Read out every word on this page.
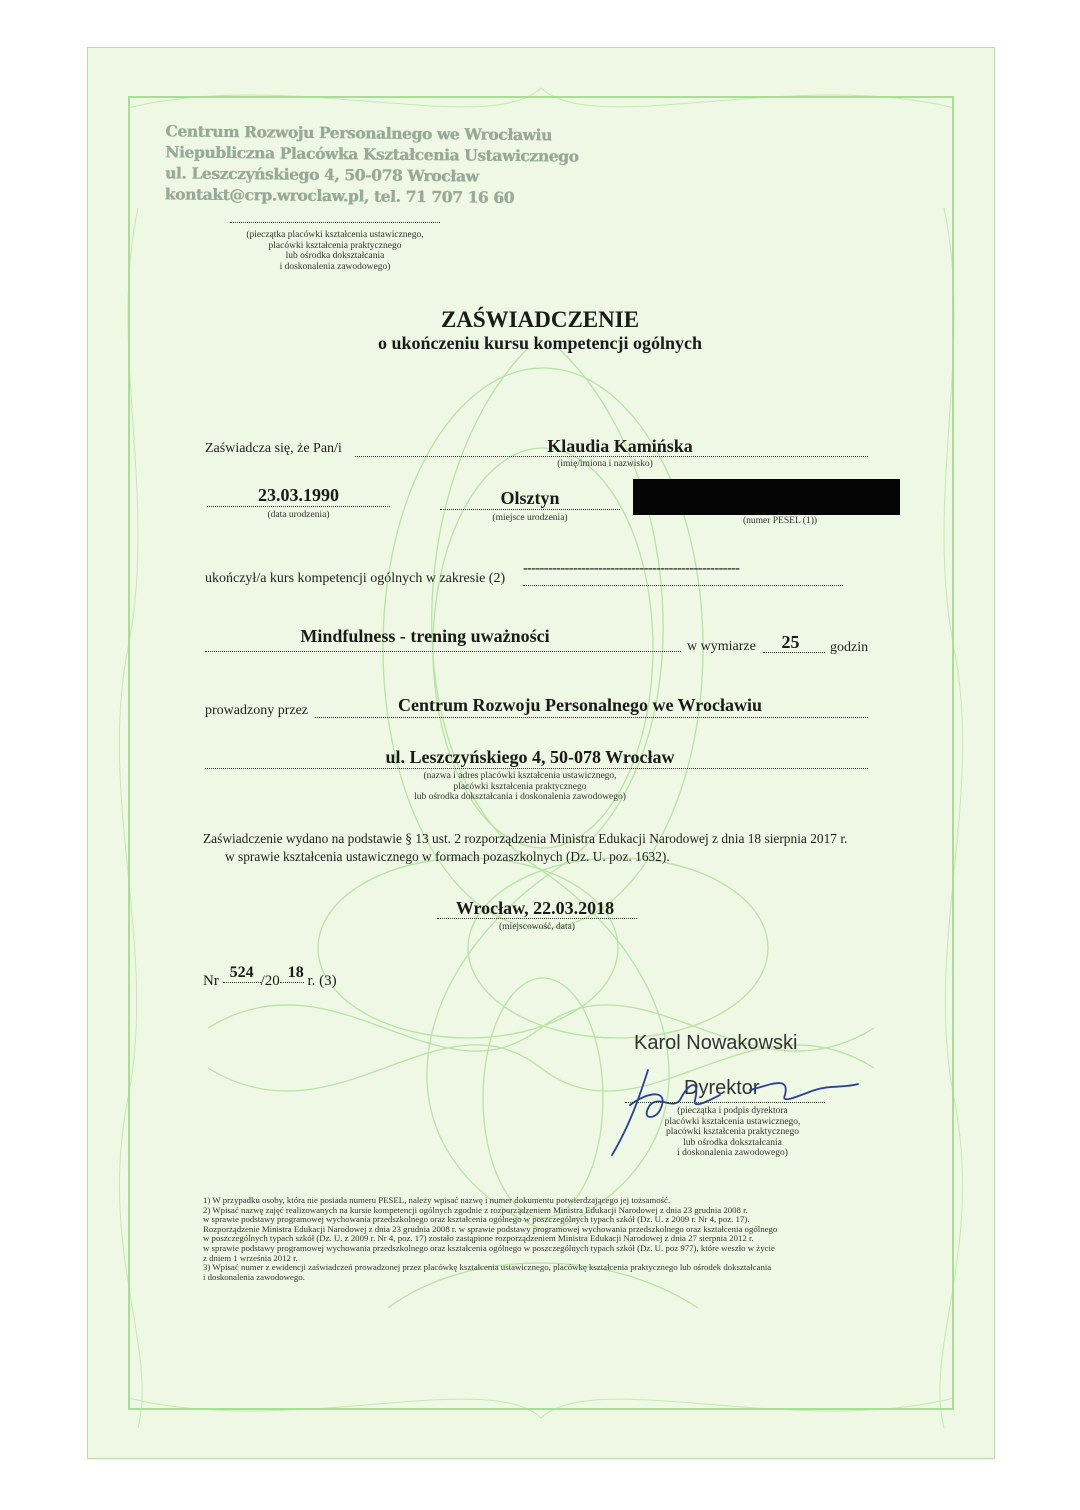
Centrum Rozwoju Personalnego we Wrocławiu
Niepubliczna Placówka Kształcenia Ustawicznego
ul. Leszczyńskiego 4, 50-078 Wrocław
kontakt@crp.wroclaw.pl, tel. 71 707 16 60
(pieczątka placówki kształcenia ustawicznego,
placówki kształcenia praktycznego
lub ośrodka dokształcania
i doskonalenia zawodowego)
ZAŚWIADCZENIE
o ukończeniu kursu kompetencji ogólnych
Zaświadcza się, że Pan/i	Klaudia Kamińska
(imię/imiona i nazwisko)
23.03.1990
(data urodzenia)
Olsztyn
(miejsce urodzenia)	(numer PESEL (1))
ukończył/a kurs kompetencji ogólnych w zakresie (2)
----------------------------------------------------
Mindfulness - trening uważności
w wymiarze	25	godzin
prowadzony przez	Centrum Rozwoju Personalnego we Wrocławiu
ul. Leszczyńskiego 4, 50-078 Wrocław
(nazwa i adres placówki kształcenia ustawicznego,
placówki kształcenia praktycznego
lub ośrodka dokształcania i doskonalenia zawodowego)
Zaświadczenie wydano na podstawie § 13 ust. 2 rozporządzenia Ministra Edukacji Narodowej z dnia 18 sierpnia 2017 r.
w sprawie kształcenia ustawicznego w formach pozaszkolnych (Dz. U. poz. 1632).
Wrocław, 22.03.2018
(miejscowość, data)
Nr 524 /20 18 r. (3)
Karol Nowakowski
Dyrektor
(pieczątka i podpis dyrektora
placówki kształcenia ustawicznego,
placówki kształcenia praktycznego
lub ośrodka dokształcania
i doskonalenia zawodowego)
1) W przypadku osoby, która nie posiada numeru PESEL, należy wpisać nazwę i numer dokumentu potwierdzającego jej tożsamość.
2) Wpisać nazwę zajęć realizowanych na kursie kompetencji ogólnych zgodnie z rozporządzeniem Ministra Edukacji Narodowej z dnia 23 grudnia 2008 r.
w sprawie podstawy programowej wychowania przedszkolnego oraz kształcenia ogólnego w poszczególnych typach szkół (Dz. U. z 2009 r. Nr 4, poz. 17).
Rozporządzenie Ministra Edukacji Narodowej z dnia 23 grudnia 2008 r. w sprawie podstawy programowej wychowania przedszkolnego oraz kształcenia ogólnego
w poszczególnych typach szkół (Dz. U. z 2009 r. Nr 4, poz. 17) zostało zastąpione rozporządzeniem Ministra Edukacji Narodowej z dnia 27 sierpnia 2012 r.
w sprawie podstawy programowej wychowania przedszkolnego oraz kształcenia ogólnego w poszczególnych typach szkół (Dz. U. poz 977), które weszło w życie
z dniem 1 września 2012 r.
3) Wpisać numer z ewidencji zaświadczeń prowadzonej przez placówkę kształcenia ustawicznego, placówkę kształcenia praktycznego lub ośrodek dokształcania
i doskonalenia zawodowego.
